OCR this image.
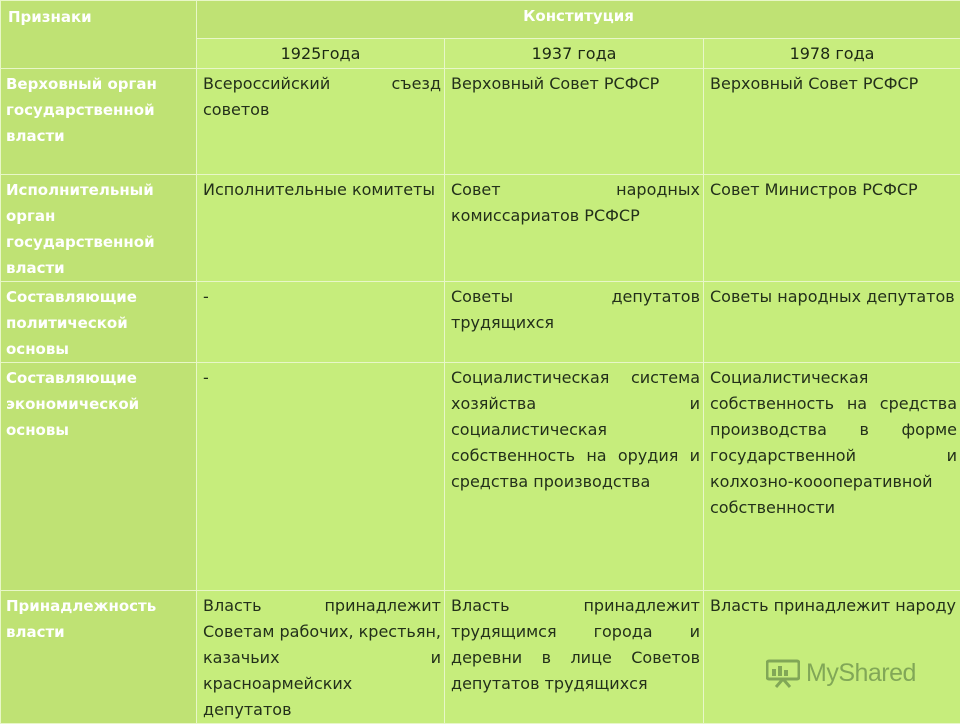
Признаки	Конституция		
	1925года	1937 года	1978 года

Верховный орган государственной власти	Всероссийский съезд советов	Верховный Совет РСФСР	Верховный Совет РСФСР

Исполнительный орган государственной власти	Исполнительные комитеты	Совет народных комиссариатов РСФСР	Совет Министров РСФСР

Составляющие политической основы	-	Советы депутатов трудящихся	Советы народных депутатов

Составляющие экономической основы	-	Социалистическая система хозяйства и социалистическая собственность на орудия и средства производства	Социалистическая собственность на средства производства в форме государственной и колхозно-коооперативной собственности

Принадлежность власти	Власть принадлежит Советам рабочих, крестьян, казачьих и красноармейских депутатов	Власть принадлежит трудящимся города и деревни в лице Советов депутатов трудящихся	Власть принадлежит народу
MyShared
